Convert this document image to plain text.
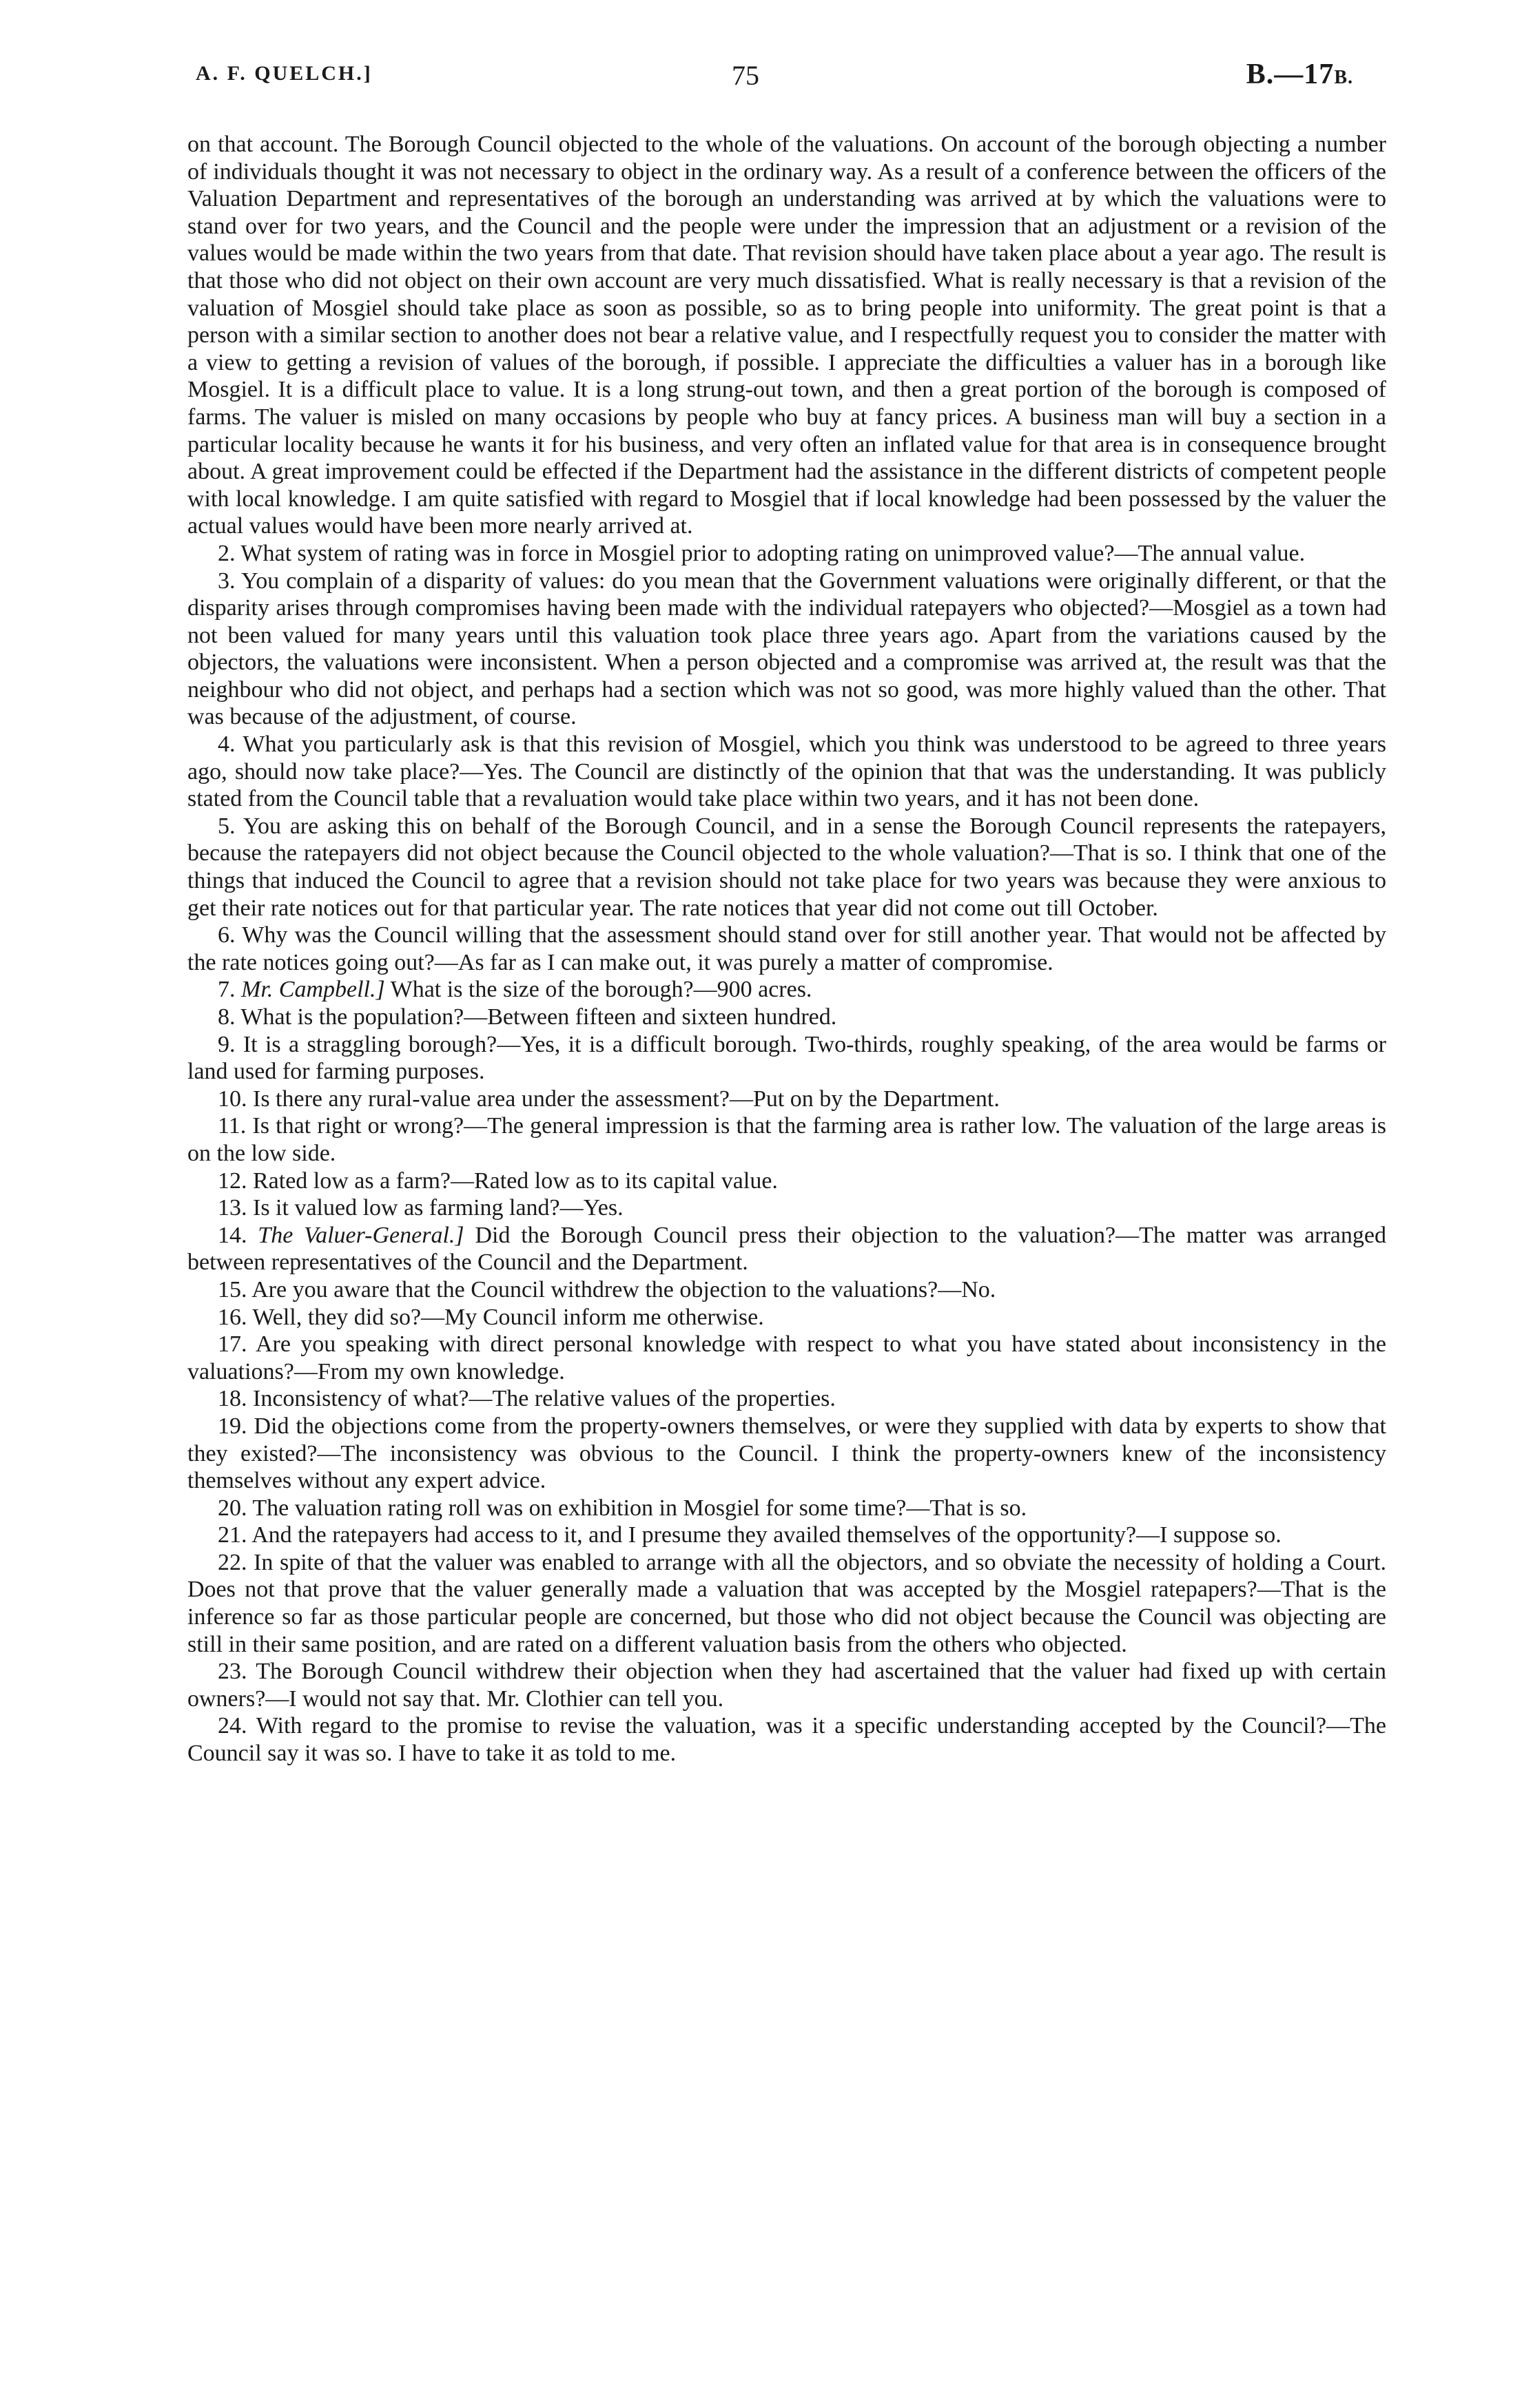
A. F. QUELCH.]	75	B.—17B.

on that account. The Borough Council objected to the whole of the valuations. On account of the borough objecting a number of individuals thought it was not necessary to object in the ordinary way. As a result of a conference between the officers of the Valuation Department and representatives of the borough an understanding was arrived at by which the valuations were to stand over for two years, and the Council and the people were under the impression that an adjustment or a revision of the values would be made within the two years from that date. That revision should have taken place about a year ago. The result is that those who did not object on their own account are very much dissatisfied. What is really necessary is that a revision of the valuation of Mosgiel should take place as soon as possible, so as to bring people into uniformity. The great point is that a person with a similar section to another does not bear a relative value, and I respectfully request you to consider the matter with a view to getting a revision of values of the borough, if possible. I appreciate the difficulties a valuer has in a borough like Mosgiel. It is a difficult place to value. It is a long strung-out town, and then a great portion of the borough is composed of farms. The valuer is misled on many occasions by people who buy at fancy prices. A business man will buy a section in a particular locality because he wants it for his business, and very often an inflated value for that area is in consequence brought about. A great improvement could be effected if the Department had the assistance in the different districts of competent people with local knowledge. I am quite satisfied with regard to Mosgiel that if local knowledge had been possessed by the valuer the actual values would have been more nearly arrived at.

2. What system of rating was in force in Mosgiel prior to adopting rating on unimproved value?—The annual value.

3. You complain of a disparity of values: do you mean that the Government valuations were originally different, or that the disparity arises through compromises having been made with the individual ratepayers who objected?—Mosgiel as a town had not been valued for many years until this valuation took place three years ago. Apart from the variations caused by the objectors, the valuations were inconsistent. When a person objected and a compromise was arrived at, the result was that the neighbour who did not object, and perhaps had a section which was not so good, was more highly valued than the other. That was because of the adjustment, of course.

4. What you particularly ask is that this revision of Mosgiel, which you think was understood to be agreed to three years ago, should now take place?—Yes. The Council are distinctly of the opinion that that was the understanding. It was publicly stated from the Council table that a revaluation would take place within two years, and it has not been done.

5. You are asking this on behalf of the Borough Council, and in a sense the Borough Council represents the ratepayers, because the ratepayers did not object because the Council objected to the whole valuation?—That is so. I think that one of the things that induced the Council to agree that a revision should not take place for two years was because they were anxious to get their rate notices out for that particular year. The rate notices that year did not come out till October.

6. Why was the Council willing that the assessment should stand over for still another year. That would not be affected by the rate notices going out?—As far as I can make out, it was purely a matter of compromise.

7. Mr. Campbell.] What is the size of the borough?—900 acres.

8. What is the population?—Between fifteen and sixteen hundred.

9. It is a straggling borough?—Yes, it is a difficult borough. Two-thirds, roughly speaking, of the area would be farms or land used for farming purposes.

10. Is there any rural-value area under the assessment?—Put on by the Department.

11. Is that right or wrong?—The general impression is that the farming area is rather low. The valuation of the large areas is on the low side.

12. Rated low as a farm?—Rated low as to its capital value.

13. Is it valued low as farming land?—Yes.

14. The Valuer-General.] Did the Borough Council press their objection to the valuation?—The matter was arranged between representatives of the Council and the Department.

15. Are you aware that the Council withdrew the objection to the valuations?—No.

16. Well, they did so?—My Council inform me otherwise.

17. Are you speaking with direct personal knowledge with respect to what you have stated about inconsistency in the valuations?—From my own knowledge.

18. Inconsistency of what?—The relative values of the properties.

19. Did the objections come from the property-owners themselves, or were they supplied with data by experts to show that they existed?—The inconsistency was obvious to the Council. I think the property-owners knew of the inconsistency themselves without any expert advice.

20. The valuation rating roll was on exhibition in Mosgiel for some time?—That is so.

21. And the ratepayers had access to it, and I presume they availed themselves of the opportunity?—I suppose so.

22. In spite of that the valuer was enabled to arrange with all the objectors, and so obviate the necessity of holding a Court. Does not that prove that the valuer generally made a valuation that was accepted by the Mosgiel ratepapers?—That is the inference so far as those particular people are concerned, but those who did not object because the Council was objecting are still in their same position, and are rated on a different valuation basis from the others who objected.

23. The Borough Council withdrew their objection when they had ascertained that the valuer had fixed up with certain owners?—I would not say that. Mr. Clothier can tell you.

24. With regard to the promise to revise the valuation, was it a specific understanding accepted by the Council?—The Council say it was so. I have to take it as told to me.
